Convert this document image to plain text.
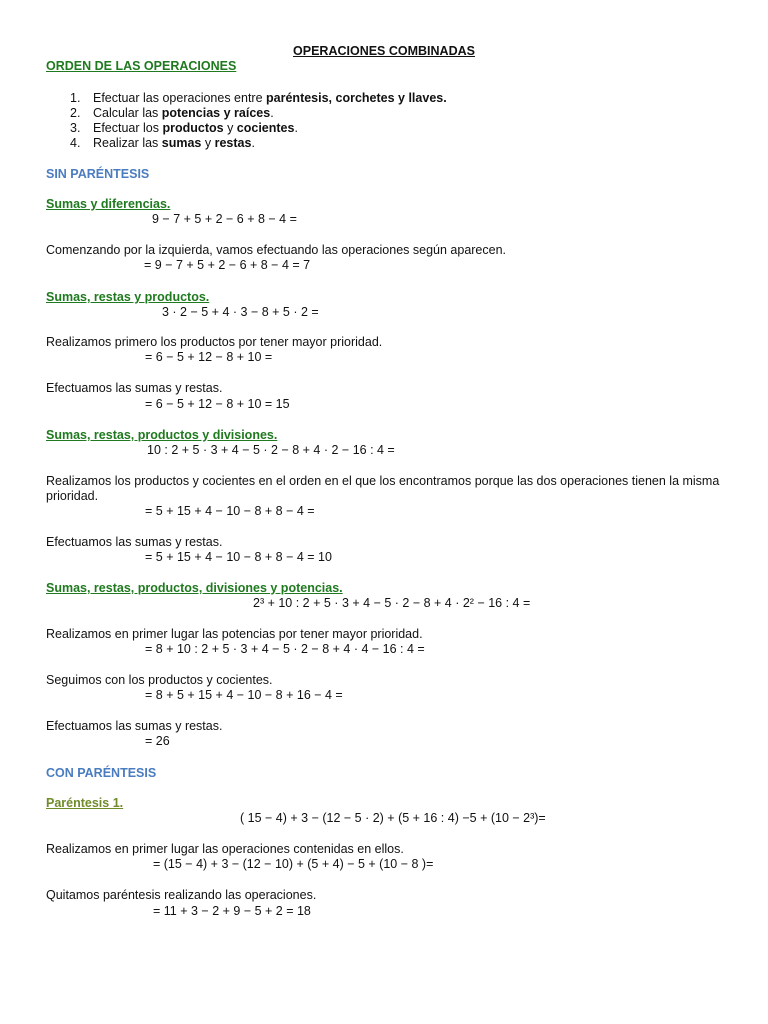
OPERACIONES COMBINADAS
ORDEN DE LAS OPERACIONES
1. Efectuar las operaciones entre paréntesis, corchetes y llaves.
2. Calcular las potencias y raíces.
3. Efectuar los productos y cocientes.
4. Realizar las sumas y restas.
SIN PARÉNTESIS
Sumas y diferencias.
9 − 7 + 5 + 2 − 6 + 8 − 4 =
Comenzando por la izquierda, vamos efectuando las operaciones según aparecen.
= 9 − 7 + 5 + 2 − 6 + 8 − 4 = 7
Sumas, restas y productos.
3 · 2 − 5 + 4 · 3 − 8 + 5 · 2 =
Realizamos primero los productos por tener mayor prioridad.
= 6 − 5 + 12 − 8 + 10 =
Efectuamos las sumas y restas.
= 6 − 5 + 12 − 8 + 10 = 15
Sumas, restas, productos y divisiones.
10 : 2 + 5 · 3 + 4 − 5 · 2 − 8 + 4 · 2 − 16 : 4 =
Realizamos los productos y cocientes en el orden en el que los encontramos porque las dos operaciones tienen la misma
prioridad.
= 5 + 15 + 4 − 10 − 8 + 8 − 4 =
Efectuamos las sumas y restas.
= 5 + 15 + 4 − 10 − 8 + 8 − 4 = 10
Sumas, restas, productos, divisiones y potencias.
2³ + 10 : 2 + 5 · 3 + 4 − 5 · 2 − 8 + 4 · 2² − 16 : 4 =
Realizamos en primer lugar las potencias por tener mayor prioridad.
= 8 + 10 : 2 + 5 · 3 + 4 − 5 · 2 − 8 + 4 · 4 − 16 : 4 =
Seguimos con los productos y cocientes.
= 8 + 5 + 15 + 4 − 10 − 8 + 16 − 4 =
Efectuamos las sumas y restas.
= 26
CON PARÉNTESIS
Paréntesis 1.
( 15 − 4) + 3 − (12 − 5 · 2) + (5 + 16 : 4) −5 + (10 − 2³)=
Realizamos en primer lugar las operaciones contenidas en ellos.
= (15 − 4) + 3 − (12 − 10) + (5 + 4) − 5 + (10 − 8 )=
Quitamos paréntesis realizando las operaciones.
= 11 + 3 − 2 + 9 − 5 + 2 = 18
